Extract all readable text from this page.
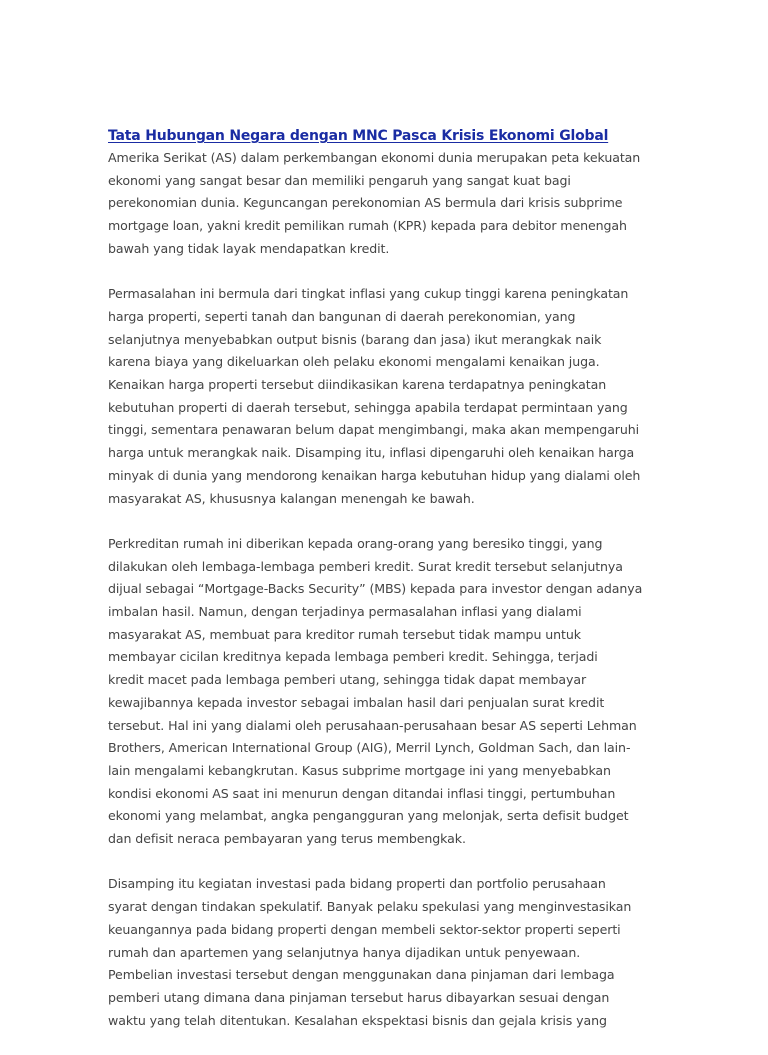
Tata Hubungan Negara dengan MNC Pasca Krisis Ekonomi Global
Amerika Serikat (AS) dalam perkembangan ekonomi dunia merupakan peta kekuatan
ekonomi yang sangat besar dan memiliki pengaruh yang sangat kuat bagi
perekonomian dunia. Keguncangan perekonomian AS bermula dari krisis subprime
mortgage loan, yakni kredit pemilikan rumah (KPR) kepada para debitor menengah
bawah yang tidak layak mendapatkan kredit.
Permasalahan ini bermula dari tingkat inflasi yang cukup tinggi karena peningkatan
harga properti, seperti tanah dan bangunan di daerah perekonomian, yang
selanjutnya menyebabkan output bisnis (barang dan jasa) ikut merangkak naik
karena biaya yang dikeluarkan oleh pelaku ekonomi mengalami kenaikan juga.
Kenaikan harga properti tersebut diindikasikan karena terdapatnya peningkatan
kebutuhan properti di daerah tersebut, sehingga apabila terdapat permintaan yang
tinggi, sementara penawaran belum dapat mengimbangi, maka akan mempengaruhi
harga untuk merangkak naik. Disamping itu, inflasi dipengaruhi oleh kenaikan harga
minyak di dunia yang mendorong kenaikan harga kebutuhan hidup yang dialami oleh
masyarakat AS, khususnya kalangan menengah ke bawah.
Perkreditan rumah ini diberikan kepada orang-orang yang beresiko tinggi, yang
dilakukan oleh lembaga-lembaga pemberi kredit. Surat kredit tersebut selanjutnya
dijual sebagai “Mortgage-Backs Security” (MBS) kepada para investor dengan adanya
imbalan hasil. Namun, dengan terjadinya permasalahan inflasi yang dialami
masyarakat AS, membuat para kreditor rumah tersebut tidak mampu untuk
membayar cicilan kreditnya kepada lembaga pemberi kredit. Sehingga, terjadi
kredit macet pada lembaga pemberi utang, sehingga tidak dapat membayar
kewajibannya kepada investor sebagai imbalan hasil dari penjualan surat kredit
tersebut. Hal ini yang dialami oleh perusahaan-perusahaan besar AS seperti Lehman
Brothers, American International Group (AIG), Merril Lynch, Goldman Sach, dan lain-
lain mengalami kebangkrutan. Kasus subprime mortgage ini yang menyebabkan
kondisi ekonomi AS saat ini menurun dengan ditandai inflasi tinggi, pertumbuhan
ekonomi yang melambat, angka pengangguran yang melonjak, serta defisit budget
dan defisit neraca pembayaran yang terus membengkak.
Disamping itu kegiatan investasi pada bidang properti dan portfolio perusahaan
syarat dengan tindakan spekulatif. Banyak pelaku spekulasi yang menginvestasikan
keuangannya pada bidang properti dengan membeli sektor-sektor properti seperti
rumah dan apartemen yang selanjutnya hanya dijadikan untuk penyewaan.
Pembelian investasi tersebut dengan menggunakan dana pinjaman dari lembaga
pemberi utang dimana dana pinjaman tersebut harus dibayarkan sesuai dengan
waktu yang telah ditentukan. Kesalahan ekspektasi bisnis dan gejala krisis yang
